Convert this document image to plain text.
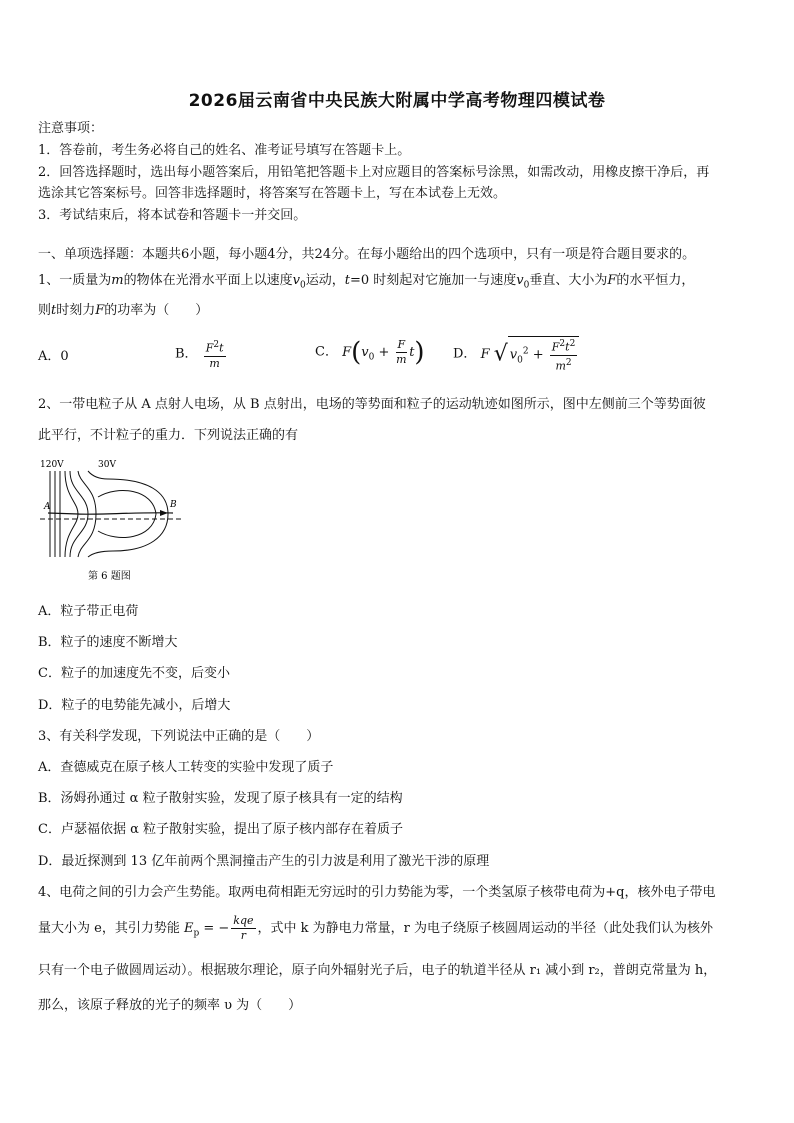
2026届云南省中央民族大附属中学高考物理四模试卷
注意事项：
1．答卷前，考生务必将自己的姓名、准考证号填写在答题卡上。
2．回答选择题时，选出每小题答案后，用铅笔把答题卡上对应题目的答案标号涂黑，如需改动，用橡皮擦干净后，再
选涂其它答案标号。回答非选择题时，将答案写在答题卡上，写在本试卷上无效。
3．考试结束后，将本试卷和答题卡一并交回。
一、单项选择题：本题共6小题，每小题4分，共24分。在每小题给出的四个选项中，只有一项是符合题目要求的。
1、一质量为m的物体在光滑水平面上以速度$v_0$运动，t=0 时刻起对它施加一与速度$v_0$垂直、大小为F的水平恒力，
则t时刻力F的功率为（　　）
A．0	B． $\frac{F^2t}{m}$	C． $F(v_0 + \frac{F}{m} t)$ D． F √ $v_0^2 + \frac{F^2t^2}{m^2}$
2、一带电粒子从 A 点射人电场，从 B 点射出，电场的等势面和粒子的运动轨迹如图所示，图中左侧前三个等势面彼
此平行，不计粒子的重力．下列说法正确的有
120V	30V
A	B
第 6 题图
A．粒子带正电荷
B．粒子的速度不断增大
C．粒子的加速度先不变，后变小
D．粒子的电势能先减小，后增大
3、有关科学发现，下列说法中正确的是（　　）
A．查德威克在原子核人工转变的实验中发现了质子
B．汤姆孙通过 α 粒子散射实验，发现了原子核具有一定的结构
C．卢瑟福依据 α 粒子散射实验，提出了原子核内部存在着质子
D．最近探测到 13 亿年前两个黑洞撞击产生的引力波是利用了激光干涉的原理
4、电荷之间的引力会产生势能。取两电荷相距无穷远时的引力势能为零，一个类氢原子核带电荷为+q，核外电子带电
量大小为 e，其引力势能 $E_p$ = − $\frac{\text{kqe}}{r}$ ，式中 k 为静电力常量，r 为电子绕原子核圆周运动的半径（此处我们认为核外
只有一个电子做圆周运动）。根据玻尔理论，原子向外辐射光子后，电子的轨道半径从 r₁ 减小到 r₂，普朗克常量为 h，
那么，该原子释放的光子的频率 υ 为（　　）
